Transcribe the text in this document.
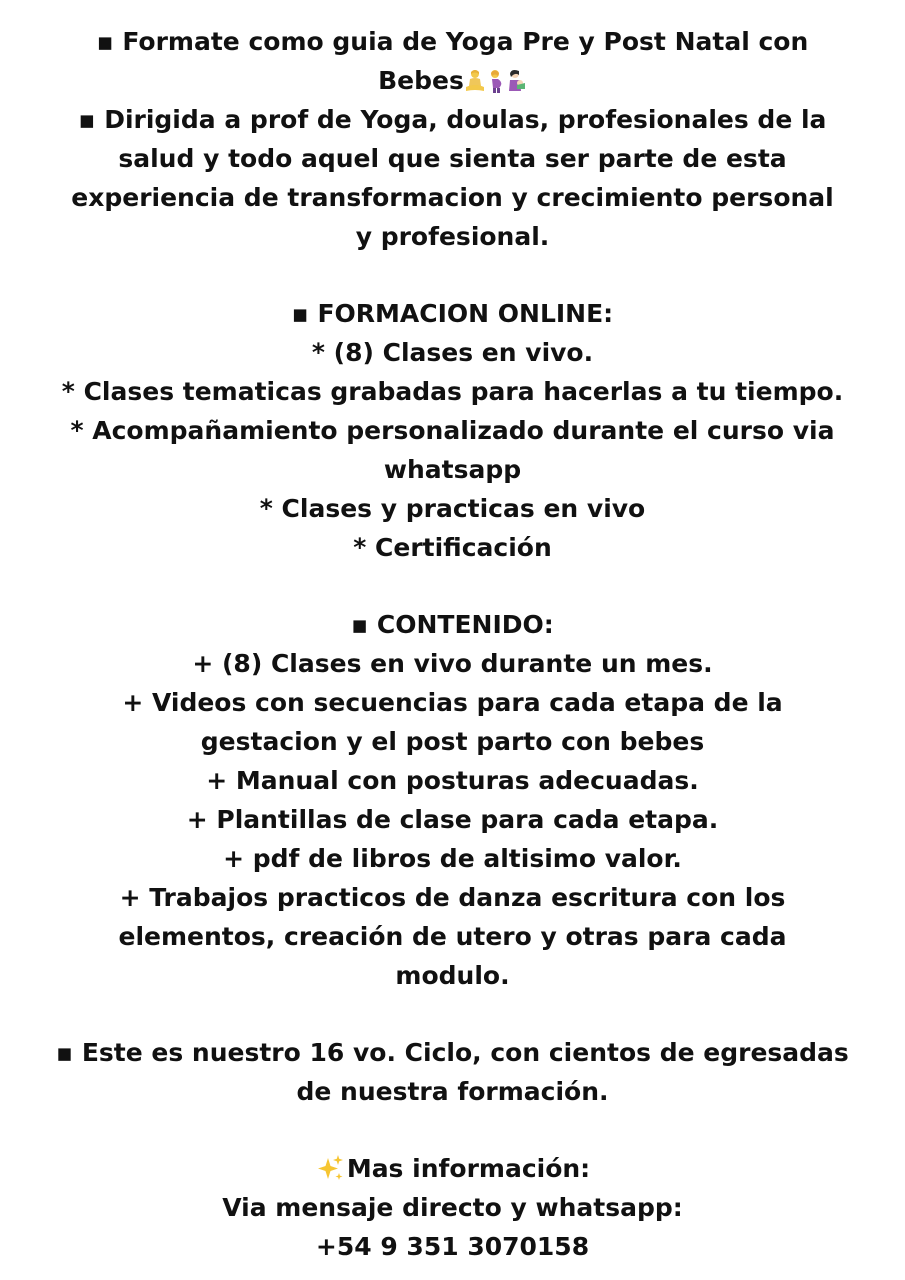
▪ Formate como guia de Yoga Pre y Post Natal con
Bebes
▪ Dirigida a prof de Yoga, doulas, profesionales de la
salud y todo aquel que sienta ser parte de esta
experiencia de transformacion y crecimiento personal
y profesional.
▪ FORMACION ONLINE:
* (8) Clases en vivo.
* Clases tematicas grabadas para hacerlas a tu tiempo.
* Acompañamiento personalizado durante el curso via
whatsapp
* Clases y practicas en vivo
* Certificación
▪ CONTENIDO:
+ (8) Clases en vivo durante un mes.
+ Videos con secuencias para cada etapa de la
gestacion y el post parto con bebes
+ Manual con posturas adecuadas.
+ Plantillas de clase para cada etapa.
+ pdf de libros de altisimo valor.
+ Trabajos practicos de danza escritura con los
elementos, creación de utero y otras para cada
modulo.
▪ Este es nuestro 16 vo. Ciclo, con cientos de egresadas
de nuestra formación.
Mas información:
Via mensaje directo y whatsapp:
+54 9 351 3070158
